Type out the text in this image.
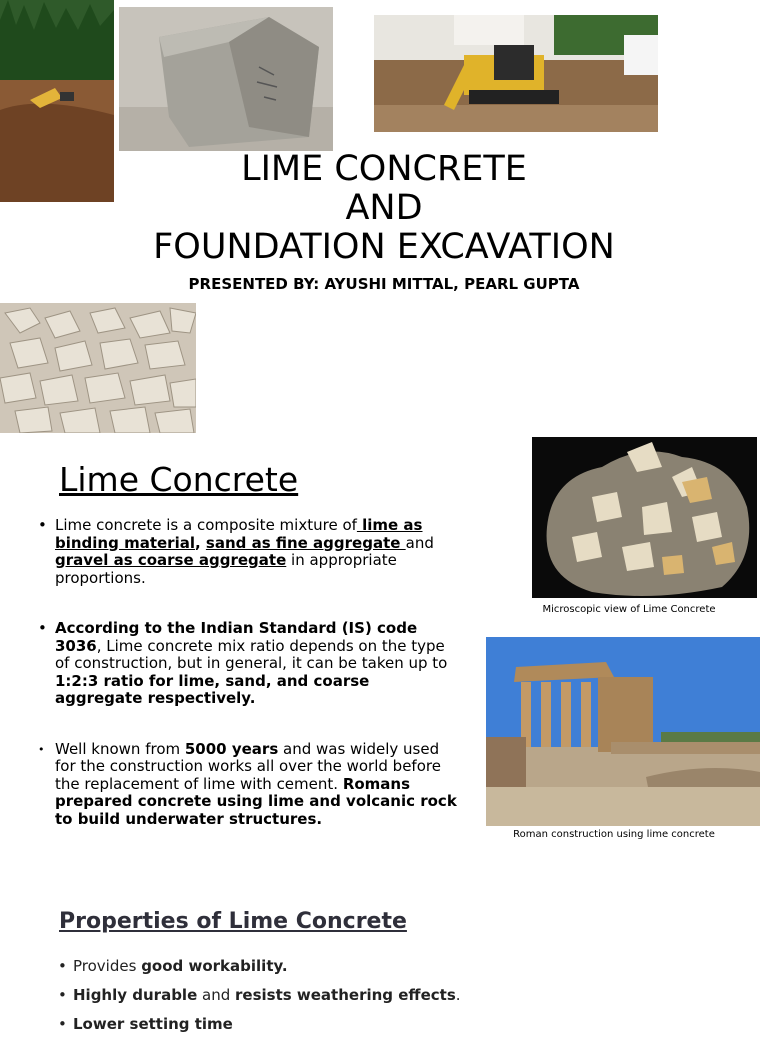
LIME CONCRETE
AND
FOUNDATION EXCAVATION
PRESENTED BY: AYUSHI MITTAL, PEARL GUPTA
Lime Concrete
• Lime concrete is a composite mixture of lime as binding material, sand as fine aggregate and gravel as coarse aggregate in appropriate proportions.
• According to the Indian Standard (IS) code 3036, Lime concrete mix ratio depends on the type of construction, but in general, it can be taken up to 1:2:3 ratio for lime, sand, and coarse aggregate respectively.
• Well known from 5000 years and was widely used for the construction works all over the world before the replacement of lime with cement. Romans prepared concrete using lime and volcanic rock to build underwater structures.
Microscopic view of Lime Concrete
Roman construction using lime concrete
Properties of Lime Concrete
• Provides good workability.
• Highly durable and resists weathering effects.
• Lower setting time
